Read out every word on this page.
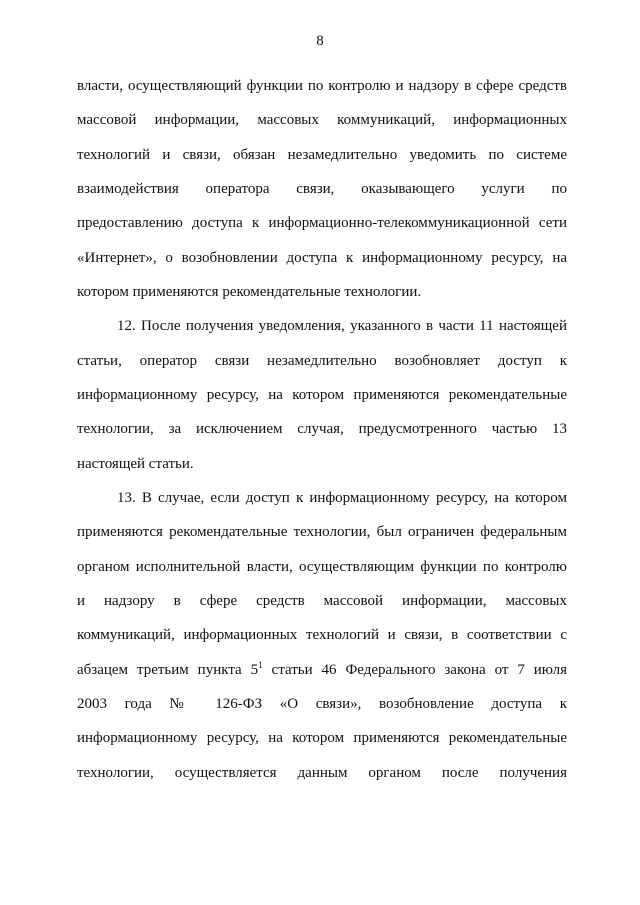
8
власти, осуществляющий функции по контролю и надзору в сфере средств
массовой информации, массовых коммуникаций, информационных
технологий и связи, обязан незамедлительно уведомить по системе
взаимодействия оператора связи, оказывающего услуги по
предоставлению доступа к информационно-телекоммуникационной сети
«Интернет», о возобновлении доступа к информационному ресурсу, на
котором применяются рекомендательные технологии.
12. После получения уведомления, указанного в части 11 настоящей
статьи, оператор связи незамедлительно возобновляет доступ к
информационному ресурсу, на котором применяются рекомендательные
технологии, за исключением случая, предусмотренного частью 13
настоящей статьи.
13. В случае, если доступ к информационному ресурсу, на котором
применяются рекомендательные технологии, был ограничен федеральным
органом исполнительной власти, осуществляющим функции по контролю
и надзору в сфере средств массовой информации, массовых
коммуникаций, информационных технологий и связи, в соответствии с
абзацем третьим пункта $5^1$ статьи 46 Федерального закона от 7 июля
2003 года № 126-ФЗ «О связи», возобновление доступа к
информационному ресурсу, на котором применяются рекомендательные
технологии, осуществляется данным органом после получения
